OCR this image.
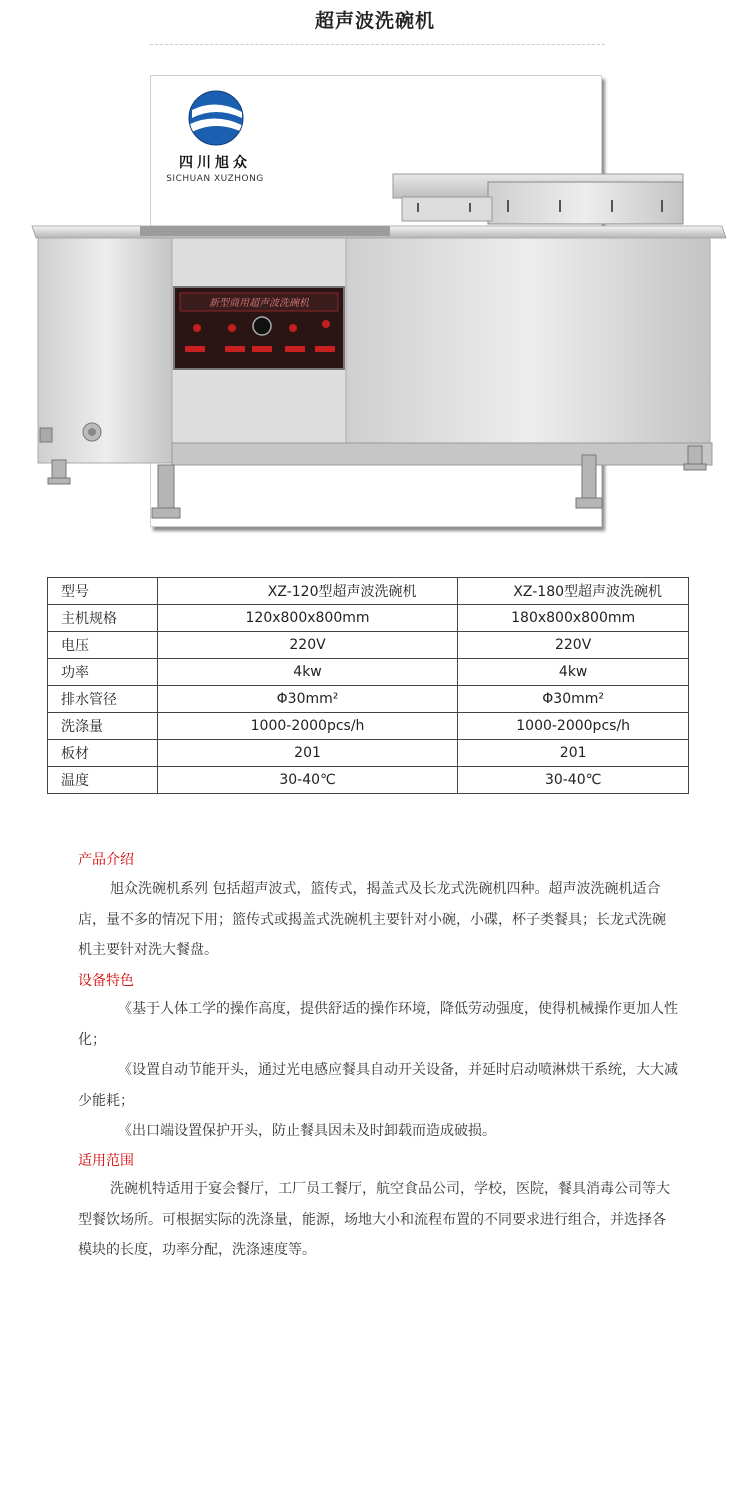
超声波洗碗机
新型商用超声波洗碗机
四川旭众
SICHUAN XUZHONG
型号	XZ-120型超声波洗碗机	XZ-180型超声波洗碗机
主机规格	120x800x800mm	180x800x800mm
电压	220V	220V
功率	4kw	4kw
排水管径	Φ30mm²	Φ30mm²
洗涤量	1000-2000pcs/h	1000-2000pcs/h
板材	201	201
温度	30-40℃	30-40℃
产品介绍
旭众洗碗机系列 包括超声波式，篮传式，揭盖式及长龙式洗碗机四种。超声波洗碗机适合店，量不多的情况下用；篮传式或揭盖式洗碗机主要针对小碗，小碟，杯子类餐具；长龙式洗碗机主要针对洗大餐盘。
设备特色
《基于人体工学的操作高度，提供舒适的操作环境，降低劳动强度，使得机械操作更加人性化；
《设置自动节能开头，通过光电感应餐具自动开关设备，并延时启动喷淋烘干系统，大大减少能耗；
《出口端设置保护开头，防止餐具因未及时卸载而造成破损。
适用范围
洗碗机特适用于宴会餐厅，工厂员工餐厅，航空食品公司，学校，医院，餐具消毒公司等大型餐饮场所。可根据实际的洗涤量，能源，场地大小和流程布置的不同要求进行组合，并选择各模块的长度，功率分配，洗涤速度等。
